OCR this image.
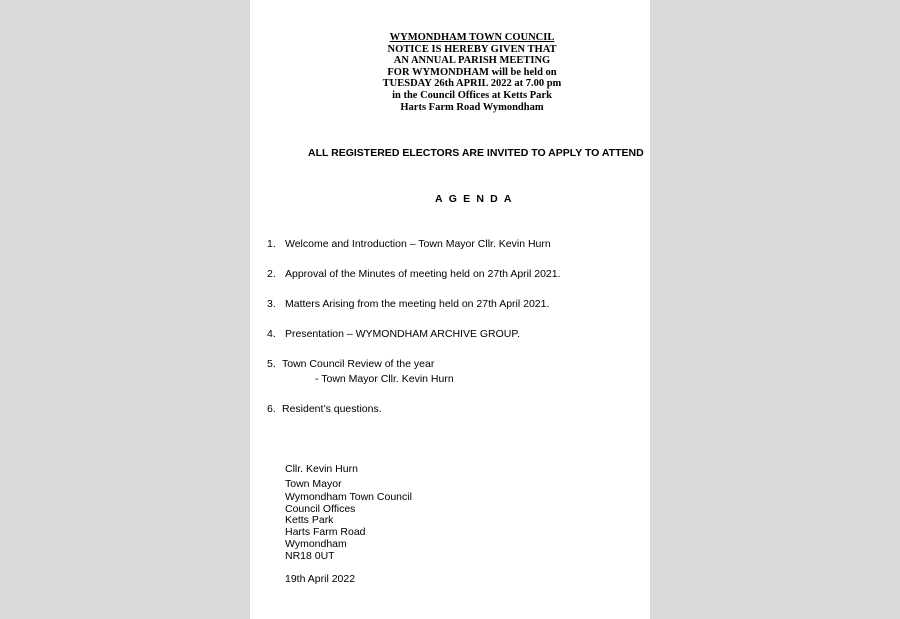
WYMONDHAM TOWN COUNCIL
NOTICE IS HEREBY GIVEN THAT
AN ANNUAL PARISH MEETING
FOR WYMONDHAM will be held on
TUESDAY 26th APRIL 2022 at 7.00 pm
in the Council Offices at Ketts Park
Harts Farm Road Wymondham
ALL REGISTERED ELECTORS ARE INVITED TO APPLY TO ATTEND
AGENDA
1. Welcome and Introduction – Town Mayor Cllr. Kevin Hurn
2. Approval of the Minutes of meeting held on 27th April 2021.
3. Matters Arising from the meeting held on 27th April 2021.
4. Presentation – WYMONDHAM ARCHIVE GROUP.
5. Town Council Review of the year
- Town Mayor Cllr. Kevin Hurn
6. Resident’s questions.
Cllr. Kevin Hurn
Town Mayor
Wymondham Town Council
Council Offices
Ketts Park
Harts Farm Road
Wymondham
NR18 0UT
19th April 2022
